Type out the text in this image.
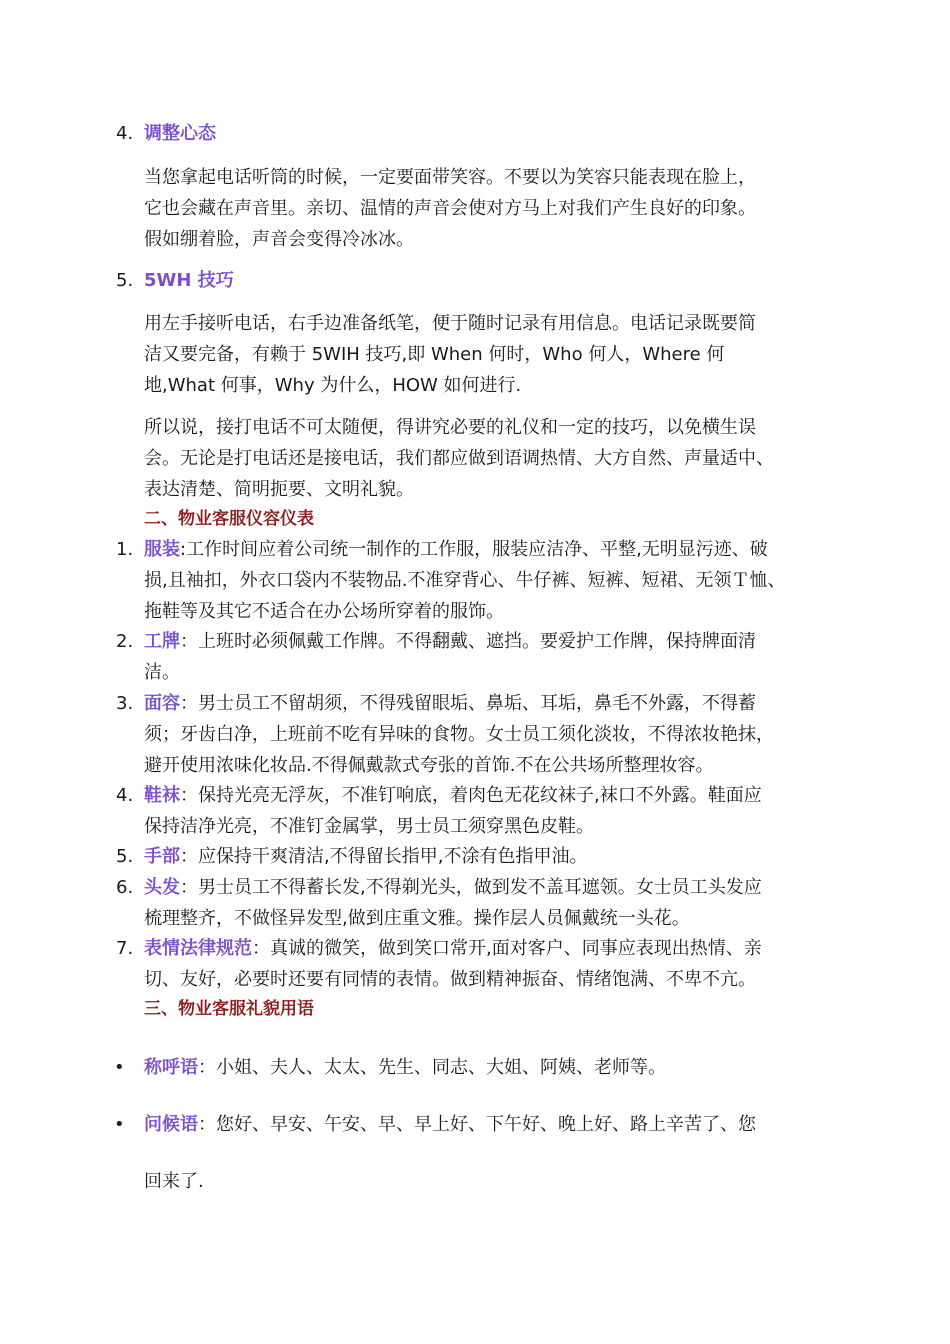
4. 调整心态
当您拿起电话听筒的时候，一定要面带笑容。不要以为笑容只能表现在脸上，
它也会藏在声音里。亲切、温情的声音会使对方马上对我们产生良好的印象。
假如绷着脸，声音会变得冷冰冰。
5. 5WH 技巧
用左手接听电话，右手边准备纸笔，便于随时记录有用信息。电话记录既要简
洁又要完备，有赖于 5WIH 技巧,即 When 何时，Who 何人，Where 何
地,What 何事，Why 为什么，HOW 如何进行.
所以说，接打电话不可太随便，得讲究必要的礼仪和一定的技巧，以免横生误
会。无论是打电话还是接电话，我们都应做到语调热情、大方自然、声量适中、
表达清楚、简明扼要、文明礼貌。
二、物业客服仪容仪表
1. 服装:工作时间应着公司统一制作的工作服，服装应洁净、平整,无明显污迹、破
损,且袖扣，外衣口袋内不装物品.不准穿背心、牛仔裤、短裤、短裙、无领Ｔ恤、
拖鞋等及其它不适合在办公场所穿着的服饰。
2. 工牌：上班时必须佩戴工作牌。不得翻戴、遮挡。要爱护工作牌，保持牌面清
洁。
3. 面容：男士员工不留胡须，不得残留眼垢、鼻垢、耳垢，鼻毛不外露，不得蓄
须；牙齿白净，上班前不吃有异味的食物。女士员工须化淡妆，不得浓妆艳抹，
避开使用浓味化妆品.不得佩戴款式夸张的首饰.不在公共场所整理妆容。
4. 鞋袜：保持光亮无浮灰，不准钉响底，着肉色无花纹袜子,袜口不外露。鞋面应
保持洁净光亮，不准钉金属掌，男士员工须穿黑色皮鞋。
5. 手部：应保持干爽清洁,不得留长指甲,不涂有色指甲油。
6. 头发：男士员工不得蓄长发,不得剃光头，做到发不盖耳遮领。女士员工头发应
梳理整齐，不做怪异发型,做到庄重文雅。操作层人员佩戴统一头花。
7. 表情法律规范：真诚的微笑，做到笑口常开,面对客户、同事应表现出热情、亲
切、友好，必要时还要有同情的表情。做到精神振奋、情绪饱满、不卑不亢。
三、物业客服礼貌用语
• 称呼语：小姐、夫人、太太、先生、同志、大姐、阿姨、老师等。
• 问候语：您好、早安、午安、早、早上好、下午好、晚上好、路上辛苦了、您
回来了.
